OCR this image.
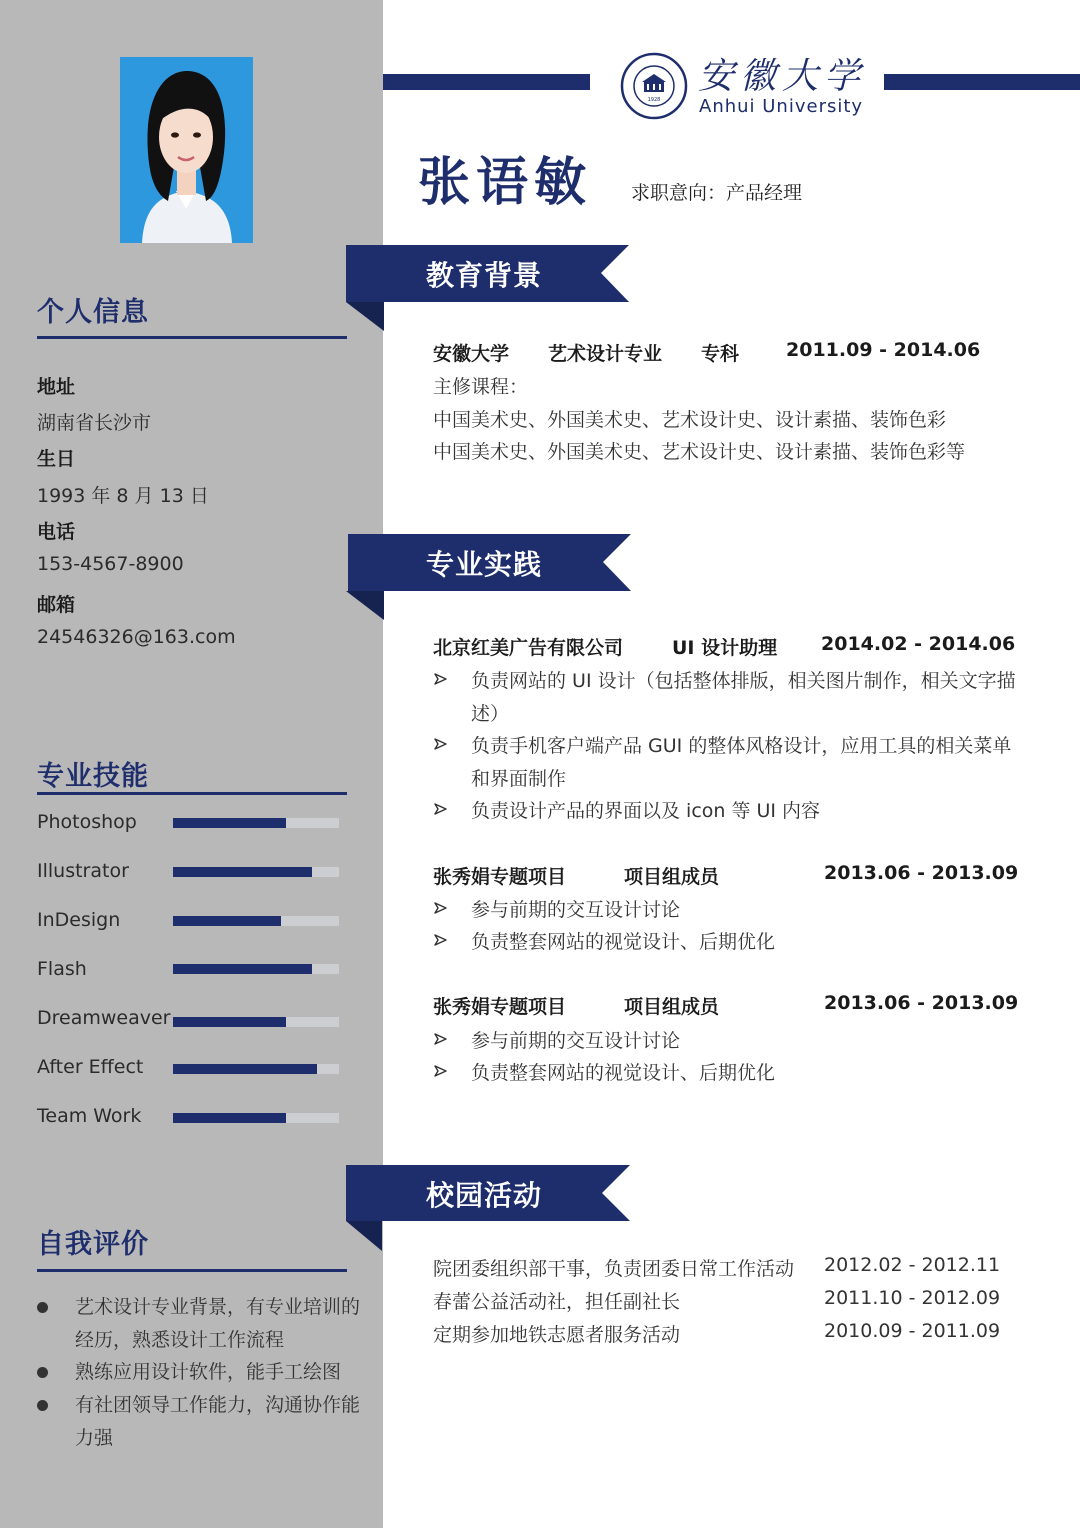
个人信息
地址
湖南省长沙市
生日
1993 年 8 月 13 日
电话
153-4567-8900
邮箱
24546326@163.com
专业技能
Photoshop
Illustrator
InDesign
Flash
Dreamweaver
After Effect
Team Work
自我评价
艺术设计专业背景，有专业培训的经历，熟悉设计工作流程
熟练应用设计软件，能手工绘图
有社团领导工作能力，沟通协作能力强
1928
安徽大学
Anhui University
张语敏 求职意向：产品经理
教育背景
专业实践
校园活动
安徽大学 艺术设计专业 专科 2011.09 - 2014.06
主修课程：
中国美术史、外国美术史、艺术设计史、设计素描、装饰色彩
中国美术史、外国美术史、艺术设计史、设计素描、装饰色彩等
北京红美广告有限公司	UI 设计助理 2014.02 - 2014.06
负责网站的 UI 设计（包括整体排版，相关图片制作，相关文字描
述）
负责手机客户端产品 GUI 的整体风格设计，应用工具的相关菜单
和界面制作
负责设计产品的界面以及 icon 等 UI 内容
张秀娟专题项目	项目组成员	2013.06 - 2013.09
参与前期的交互设计讨论
负责整套网站的视觉设计、后期优化
张秀娟专题项目	项目组成员	2013.06 - 2013.09
参与前期的交互设计讨论
负责整套网站的视觉设计、后期优化
院团委组织部干事，负责团委日常工作活动 2012.02 - 2012.11
春蕾公益活动社，担任副社长	2011.10 - 2012.09
定期参加地铁志愿者服务活动	2010.09 - 2011.09
